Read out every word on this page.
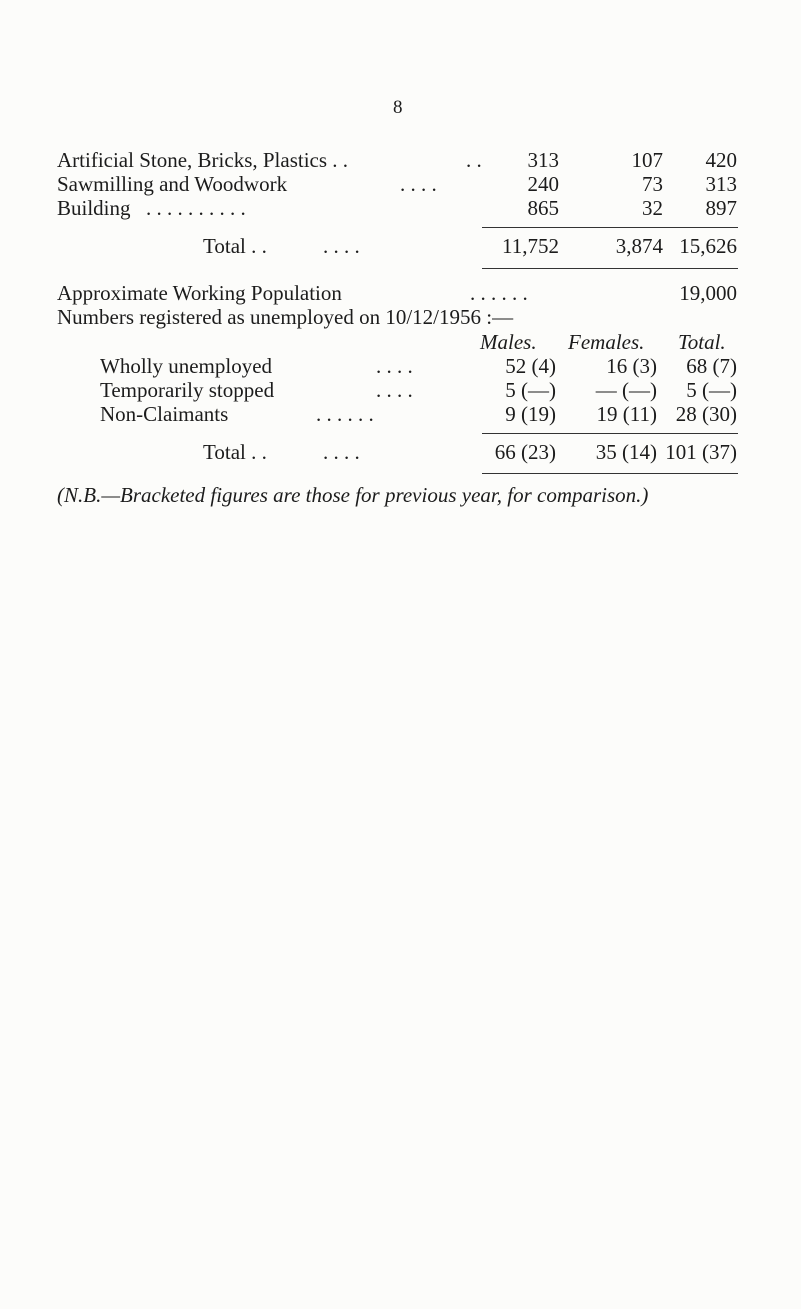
8
Artificial Stone, Bricks, Plastics . .	. . 313	107 420
Sawmilling and Woodwork	. . . .	240	73 313
Building . . . . . . . . . .	865	32 897
Total . .	. . . .	11,752	3,874 15,626
Approximate Working Population	. . . . . .	19,000
Numbers registered as unemployed on 10/12/1956 :—
Males. Females. Total.
Wholly unemployed	. . . .	52 (4) 16 (3) 68 (7)
Temporarily stopped	. . . .	5 (—) — (—) 5 (—)
Non-Claimants	. . . . . .	9 (19) 19 (11) 28 (30)
Total . .	. . . .	66 (23) 35 (14) 101 (37)
(N.B.—Bracketed figures are those for previous year, for comparison.)
